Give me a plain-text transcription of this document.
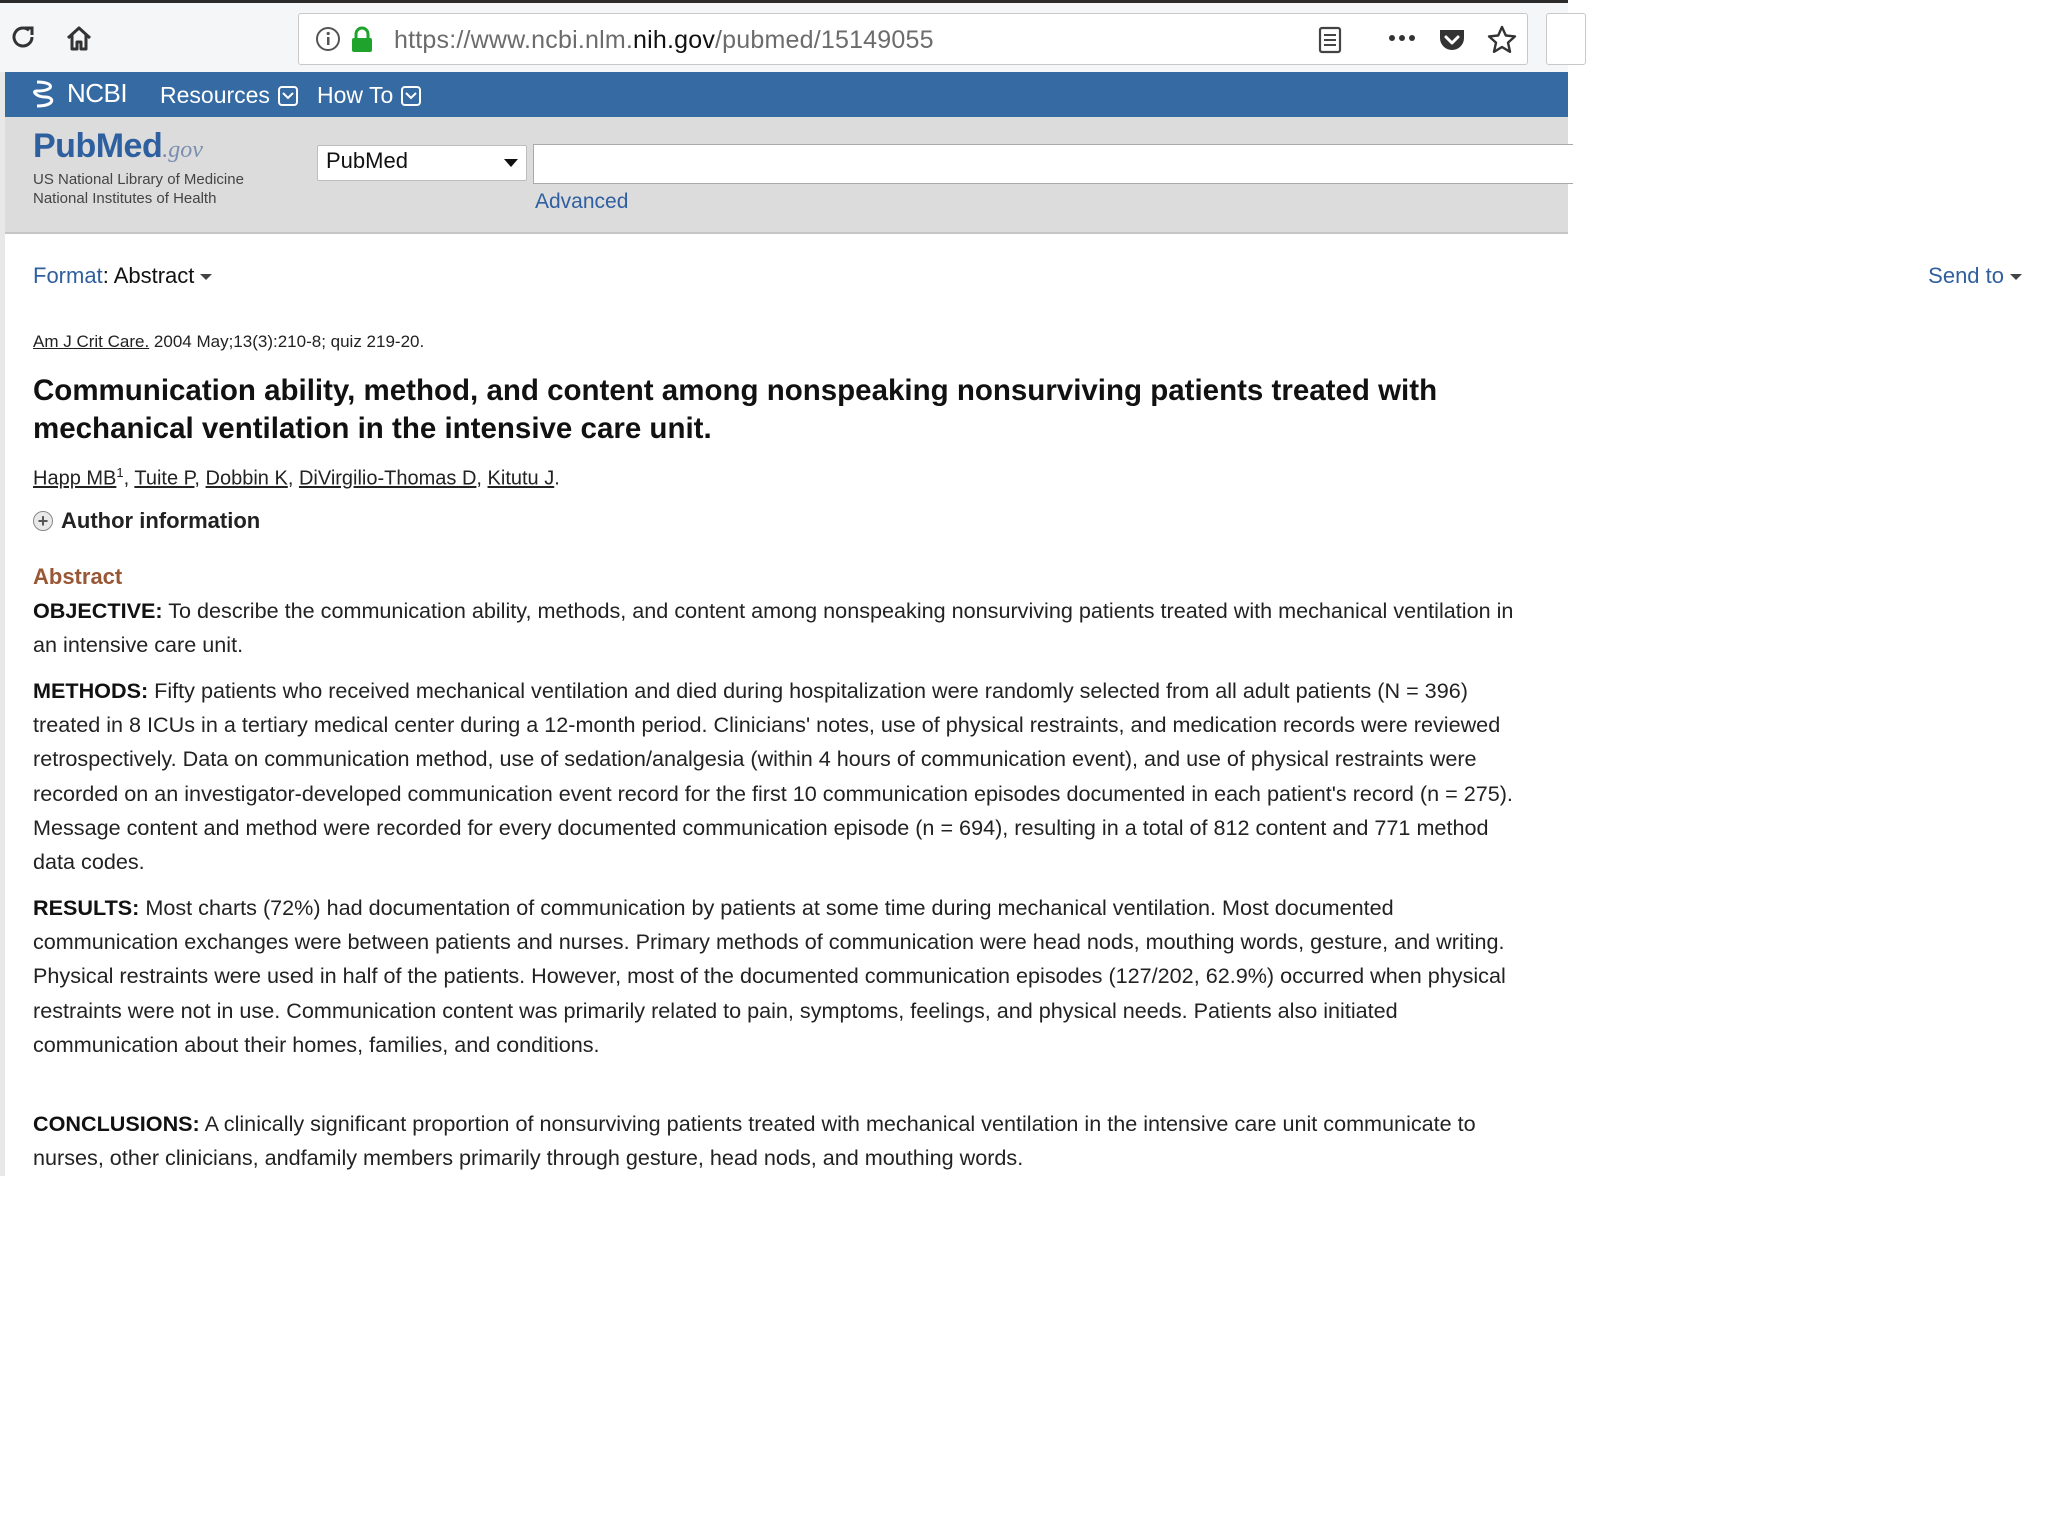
https://www.ncbi.nlm.nih.gov/pubmed/15149055
NCBI Resources How To
PubMed.gov
US National Library of Medicine
National Institutes of Health
PubMed
Advanced
Format: Abstract	Send to
Am J Crit Care. 2004 May;13(3):210-8; quiz 219-20.
Communication ability, method, and content among nonspeaking nonsurviving patients treated with mechanical ventilation in the intensive care unit.
Happ $MB^1$, Tuite P, Dobbin K, DiVirgilio-Thomas D, Kitutu J.
+ Author information
Abstract
OBJECTIVE: To describe the communication ability, methods, and content among nonspeaking nonsurviving patients treated with mechanical ventilation in an intensive care unit.
METHODS: Fifty patients who received mechanical ventilation and died during hospitalization were randomly selected from all adult patients (N = 396) treated in 8 ICUs in a tertiary medical center during a 12-month period. Clinicians' notes, use of physical restraints, and medication records were reviewed retrospectively. Data on communication method, use of sedation/analgesia (within 4 hours of communication event), and use of physical restraints were recorded on an investigator-developed communication event record for the first 10 communication episodes documented in each patient's record (n = 275). Message content and method were recorded for every documented communication episode (n = 694), resulting in a total of 812 content and 771 method data codes.
RESULTS: Most charts (72%) had documentation of communication by patients at some time during mechanical ventilation. Most documented communication exchanges were between patients and nurses. Primary methods of communication were head nods, mouthing words, gesture, and writing. Physical restraints were used in half of the patients. However, most of the documented communication episodes (127/202, 62.9%) occurred when physical restraints were not in use. Communication content was primarily related to pain, symptoms, feelings, and physical needs. Patients also initiated communication about their homes, families, and conditions.
CONCLUSIONS: A clinically significant proportion of nonsurviving patients treated with mechanical ventilation in the intensive care unit communicate to nurses, other clinicians, andfamily members primarily through gesture, head nods, and mouthing words.
